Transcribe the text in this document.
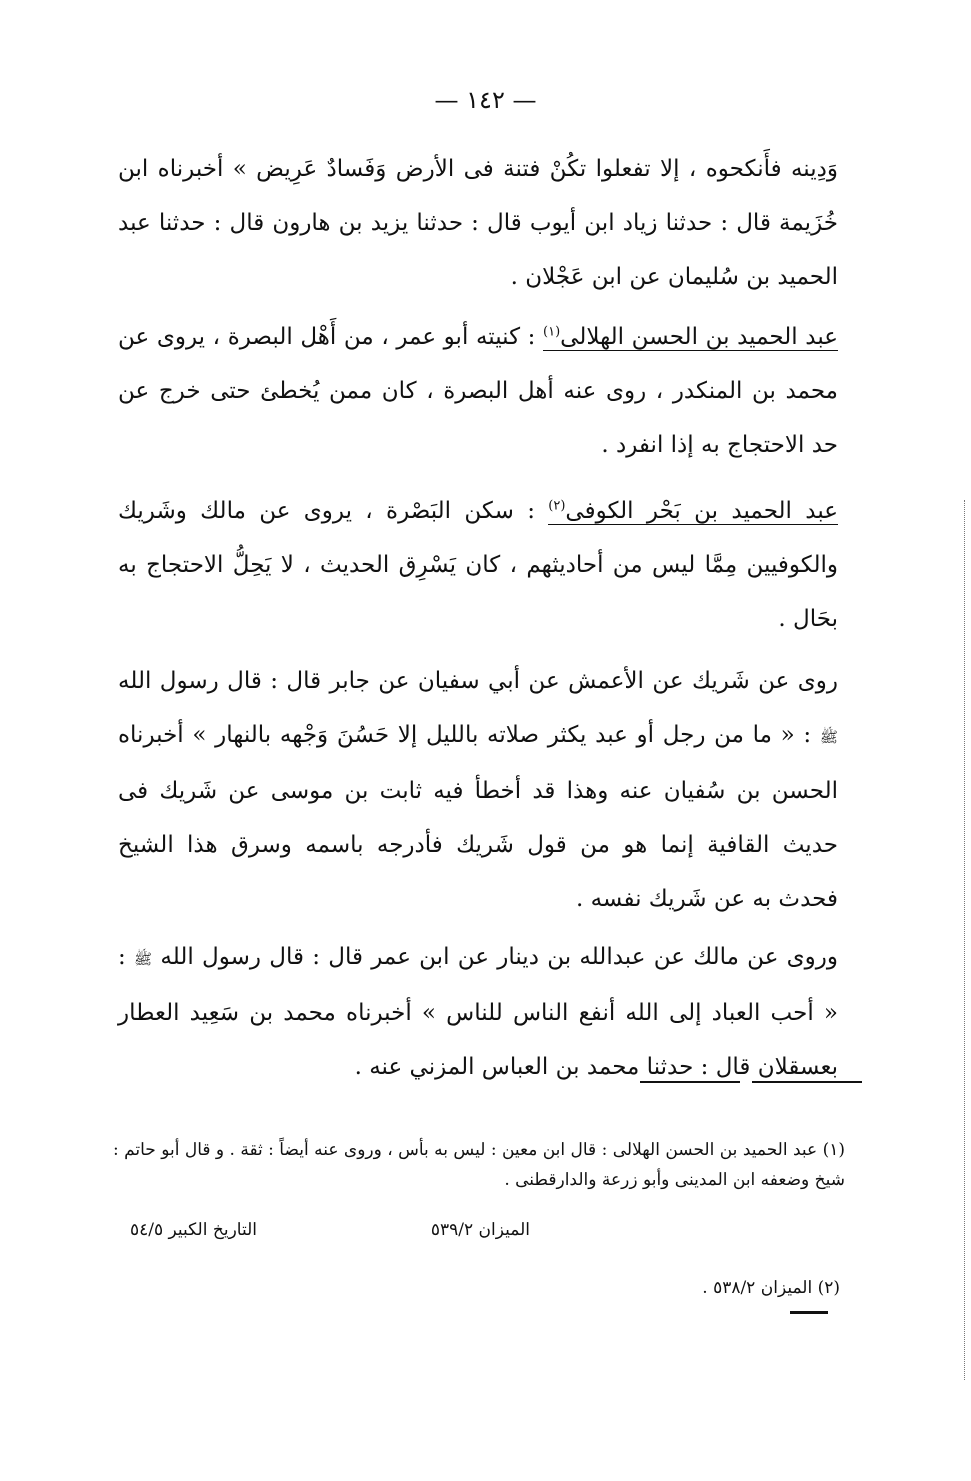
— ١٤٢ —

وَدِينه فأَنكحوه ، إلا تفعلوا تكُنْ فتنة فى الأرض وَفَسادٌ عَرِيض » أخبرناه ابن خُزَيمة قال : حدثنا زياد ابن أيوب قال : حدثنا يزيد بن هارون قال : حدثنا عبد الحميد بن سُليمان عن ابن عَجْلان .

عبد الحميد بن الحسن الهلالى$^{(١)}$ : كنيته أبو عمر ، من أَهْل البصرة ، يروى عن محمد بن المنكدر ، روى عنه أهل البصرة ، كان ممن يُخطئ حتى خرج عن حد الاحتجاج به إذا انفرد .

عبد الحميد بن بَحْر الكوفى$^{(٢)}$ : سكن البَصْرة ، يروى عن مالك وشَريك والكوفيين مِمَّا ليس من أحاديثهم ، كان يَسْرِق الحديث ، لا يَحِلُّ الاحتجاج به بحَال .

روى عن شَريك عن الأعمش عن أبي سفيان عن جابر قال : قال رسول الله ﷺ : « ما من رجل أو عبد يكثر صلاته بالليل إلا حَسُنَ وَجْهه بالنهار » أخبرناه الحسن بن سُفيان عنه وهذا قد أخطأ فيه ثابت بن موسى عن شَريك فى حديث القافية إنما هو من قول شَريك فأدرجه باسمه وسرق هذا الشيخ فحدث به عن شَريك نفسه .

وروى عن مالك عن عبدالله بن دينار عن ابن عمر قال : قال رسول الله ﷺ : « أحب العباد إلى الله أنفع الناس للناس » أخبرناه محمد بن سَعِيد العطار بعسقلان قال : حدثنا محمد بن العباس المزني عنه .

(١) عبد الحميد بن الحسن الهلالى : قال ابن معين : ليس به بأس ، وروى عنه أيضاً : ثقة . و قال أبو حاتم : شيخ وضعفه ابن المدينى وأبو زرعة والدارقطنى .
الميزان ٥٣٩/٢
التاريخ الكبير ٥٤/٥
(٢) الميزان ٥٣٨/٢ .
